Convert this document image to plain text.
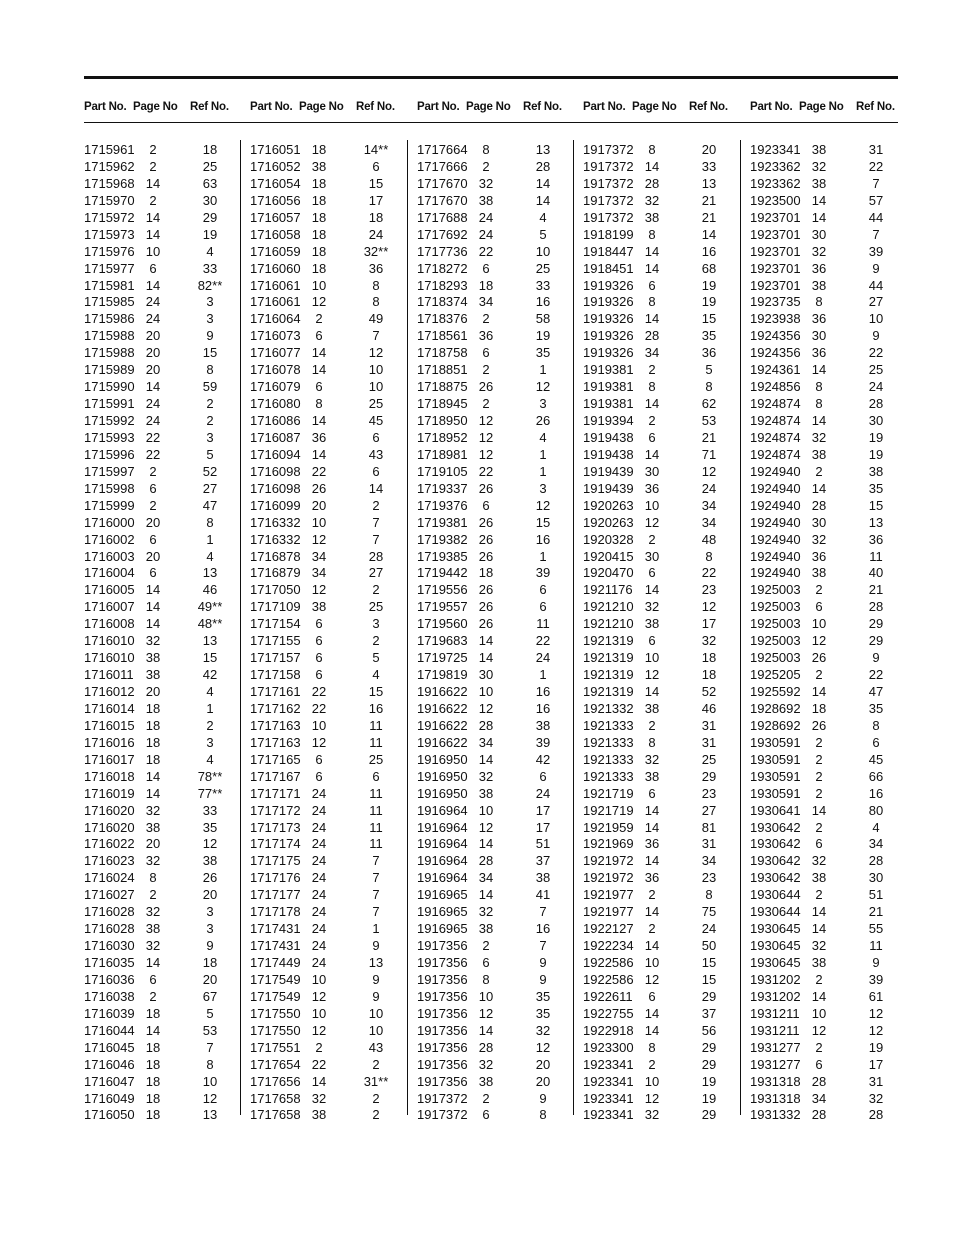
Part No. Page No Ref No. Part No. Page No Ref No. Part No. Page No Ref No. Part No. Page No Ref No. Part No. Page No Ref No.
1715961	2	18
1715962	2	25
1715968 14	63
1715970	2	30
1715972 14	29
1715973 14	19
1715976 10	4
1715977	6	33
1715981 14	82**
1715985 24	3
1715986 24	3
1715988 20	9
1715988 20	15
1715989 20	8
1715990 14	59
1715991 24	2
1715992 24	2
1715993 22	3
1715996 22	5
1715997	2	52
1715998	6	27
1715999	2	47
1716000 20	8
1716002	6	1
1716003 20	4
1716004	6	13
1716005 14	46
1716007 14	49**
1716008 14	48**
1716010 32	13
1716010 38	15
1716011 38	42
1716012 20	4
1716014 18	1
1716015 18	2
1716016 18	3
1716017 18	4
1716018 14	78**
1716019 14	77**
1716020 32	33
1716020 38	35
1716022 20	12
1716023 32	38
1716024	8	26
1716027	2	20
1716028 32	3
1716028 38	3
1716030 32	9
1716035 14	18
1716036	6	20
1716038	2	67
1716039 18	5
1716044 14	53
1716045 18	7
1716046 18	8
1716047 18	10
1716049 18	12
1716050 18	13
1716051 18	14**
1716052 38	6
1716054 18	15
1716056 18	17
1716057 18	18
1716058 18	24
1716059 18	32**
1716060 18	36
1716061 10	8
1716061 12	8
1716064	2	49
1716073	6	7
1716077 14	12
1716078 14	10
1716079	6	10
1716080	8	25
1716086 14	45
1716087 36	6
1716094 14	43
1716098 22	6
1716098 26	14
1716099 20	2
1716332 10	7
1716332 12	7
1716878 34	28
1716879 34	27
1717050 12	2
1717109 38	25
1717154	6	3
1717155	6	2
1717157	6	5
1717158	6	4
1717161 22	15
1717162 22	16
1717163 10	11
1717163 12	11
1717165	6	25
1717167	6	6
1717171 24	11
1717172 24	11
1717173 24	11
1717174 24	11
1717175 24	7
1717176 24	7
1717177 24	7
1717178 24	7
1717431 24	1
1717431 24	9
1717449 24	13
1717549 10	9
1717549 12	9
1717550 10	10
1717550 12	10
1717551	2	43
1717654 22	2
1717656 14	31**
1717658 32	2
1717658 38	2
1717664	8	13
1717666	2	28
1717670 32	14
1717670 38	14
1717688 24	4
1717692 24	5
1717736 22	10
1718272	6	25
1718293 18	33
1718374 34	16
1718376	2	58
1718561 36	19
1718758	6	35
1718851	2	1
1718875 26	12
1718945	2	3
1718950 12	26
1718952 12	4
1718981 12	1
1719105 22	1
1719337 26	3
1719376	6	12
1719381 26	15
1719382 26	16
1719385 26	1
1719442 18	39
1719556 26	6
1719557 26	6
1719560 26	11
1719683 14	22
1719725 14	24
1719819 30	1
1916622 10	16
1916622 12	16
1916622 28	38
1916622 34	39
1916950 14	42
1916950 32	6
1916950 38	24
1916964 10	17
1916964 12	17
1916964 14	51
1916964 28	37
1916964 34	38
1916965 14	41
1916965 32	7
1916965 38	16
1917356	2	7
1917356	6	9
1917356	8	9
1917356 10	35
1917356 12	35
1917356 14	32
1917356 28	12
1917356 32	20
1917356 38	20
1917372	2	9
1917372	6	8
1917372	8	20
1917372 14	33
1917372 28	13
1917372 32	21
1917372 38	21
1918199	8	14
1918447 14	16
1918451 14	68
1919326	6	19
1919326	8	19
1919326 14	15
1919326 28	35
1919326 34	36
1919381	2	5
1919381	8	8
1919381 14	62
1919394	2	53
1919438	6	21
1919438 14	71
1919439 30	12
1919439 36	24
1920263 10	34
1920263 12	34
1920328	2	48
1920415 30	8
1920470	6	22
1921176 14	23
1921210 32	12
1921210 38	17
1921319	6	32
1921319 10	18
1921319 12	18
1921319 14	52
1921332 38	46
1921333	2	31
1921333	8	31
1921333 32	25
1921333 38	29
1921719	6	23
1921719 14	27
1921959 14	81
1921969 36	31
1921972 14	34
1921972 36	23
1921977	2	8
1921977 14	75
1922127	2	24
1922234 14	50
1922586 10	15
1922586 12	15
1922611	6	29
1922755 14	37
1922918 14	56
1923300	8	29
1923341	2	29
1923341 10	19
1923341 12	19
1923341 32	29
1923341 38	31
1923362 32	22
1923362 38	7
1923500 14	57
1923701 14	44
1923701 30	7
1923701 32	39
1923701 36	9
1923701 38	44
1923735	8	27
1923938 36	10
1924356 30	9
1924356 36	22
1924361 14	25
1924856	8	24
1924874	8	28
1924874 14	30
1924874 32	19
1924874 38	19
1924940	2	38
1924940 14	35
1924940 28	15
1924940 30	13
1924940 32	36
1924940 36	11
1924940 38	40
1925003	2	21
1925003	6	28
1925003 10	29
1925003 12	29
1925003 26	9
1925205	2	22
1925592 14	47
1928692 18	35
1928692 26	8
1930591	2	6
1930591	2	45
1930591	2	66
1930591	2	16
1930641 14	80
1930642	2	4
1930642	6	34
1930642 32	28
1930642 38	30
1930644	2	51
1930644 14	21
1930645 14	55
1930645 32	11
1930645 38	9
1931202	2	39
1931202 14	61
1931211 10	12
1931211 12	12
1931277	2	19
1931277	6	17
1931318 28	31
1931318 34	32
1931332 28	28
